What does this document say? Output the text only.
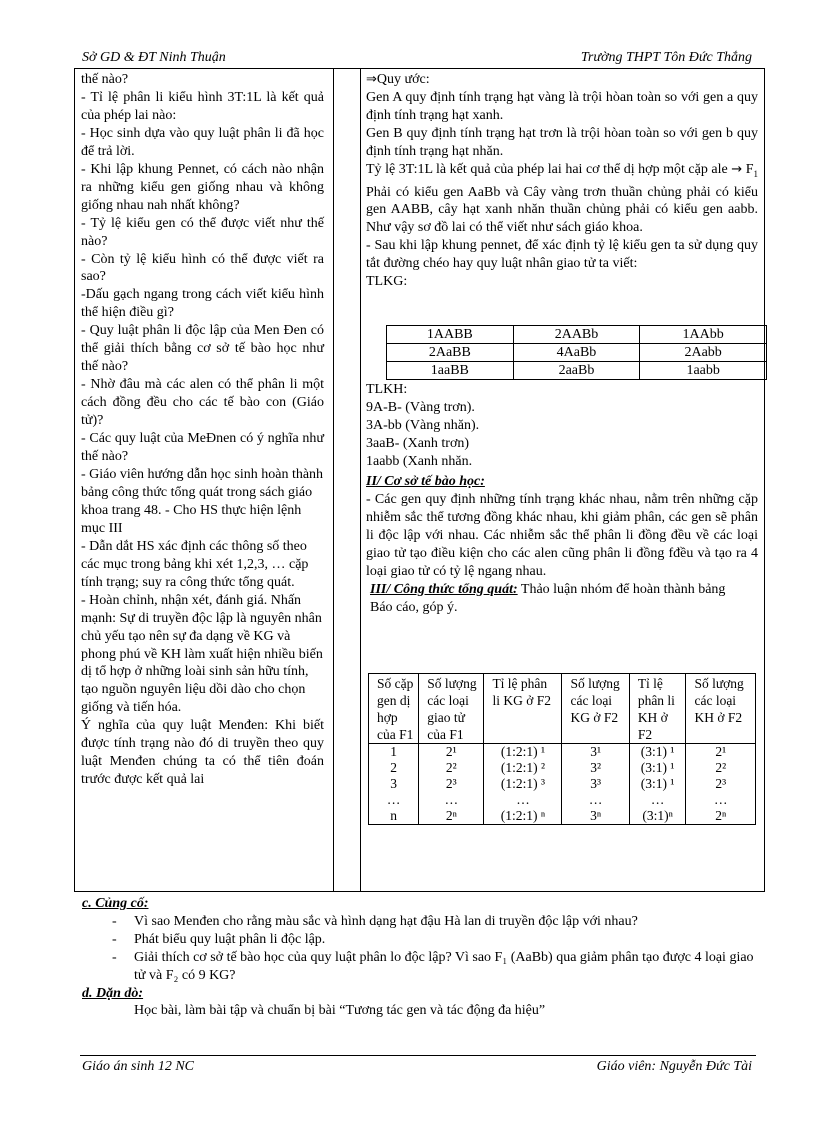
Sở GD & ĐT Ninh Thuận	Trường THPT Tôn Đức Thắng

thế nào?

- Tỉ lệ phân li kiểu hình 3T:1L là kết quả của phép lai nào:

- Học sinh dựa vào quy luật phân li đã học để trả lời.

- Khi lập khung Pennet, có cách nào nhận ra những kiểu gen giống nhau và không giống nhau nah nhất không?

- Tỷ lệ kiểu gen có thể được viết như thế nào?

- Còn tỷ lệ kiểu hình có thể được viết ra sao?

-Dấu gạch ngang trong cách viết kiểu hình thể hiện điều gì?

- Quy luật phân li độc lập của Men Đen có thể giải thích bằng cơ sở tế bào học như thế nào?

- Nhờ đâu mà các alen có thể phân li một cách đồng đều cho các tế bào con (Giáo tử)?

- Các quy luật của MeĐnen có ý nghĩa như thế nào?

- Giáo viên hướng dẫn học sinh hoàn thành bảng công thức tổng quát trong sách giáo khoa trang 48. - Cho HS thực hiện lệnh mục III

- Dẫn dắt HS xác định các thông số theo các mục trong bảng khi xét 1,2,3, … cặp tính trạng; suy ra công thức tổng quát.

- Hoàn chỉnh, nhận xét, đánh giá. Nhấn mạnh: Sự di truyền độc lập là nguyên nhân chủ yếu tạo nên sự đa dạng về KG và phong phú về KH làm xuất hiện nhiều biến dị tổ hợp ở những loài sinh sản hữu tính, tạo nguồn nguyên liệu dồi dào cho chọn giống và tiến hóa.

Ý nghĩa của quy luật Menđen: Khi biết được tính trạng nào đó di truyền theo quy luật Menđen chúng ta có thể tiên đoán trước được kết quả lai

⇒Quy ước:

Gen A quy định tính trạng hạt vàng là trội hòan toàn so với gen a quy định tính trạng hạt xanh.

Gen B quy định tính trạng hạt trơn là trội hòan toàn so với gen b quy định tính trạng hạt nhăn.

Tỷ lệ 3T:1L là kết quả của phép lai hai cơ thể dị hợp một cặp ale → $F_1$ Phải có kiểu gen AaBb và Cây vàng trơn thuần chủng phải có kiểu gen AABB, cây hạt xanh nhăn thuần chủng phải có kiểu gen aabb. Như vậy sơ đồ lai có thể viết như sách giáo khoa.

- Sau khi lập khung pennet, để xác định tỷ lệ kiểu gen ta sử dụng quy tắt đường chéo hay quy luật nhân giao tử ta viết:

TLKG:

1AABB	2AABb	1AAbb
2AaBB	4AaBb	2Aabb
1aaBB	2aaBb	1aabb

TLKH:

9A-B- (Vàng trơn).

3A-bb (Vàng nhăn).

3aaB- (Xanh trơn)

1aabb (Xanh nhăn.

II/ Cơ sở tế bào học:

- Các gen quy định những tính trạng khác nhau, nằm trên những cặp nhiễm sắc thể tương đồng khác nhau, khi giảm phân, các gen sẽ phân li độc lập với nhau. Các nhiễm sắc thể phân li đồng đều về các loại giao tử tạo điều kiện cho các alen cũng phân li đồng fđều và tạo ra 4 loại giao tử có tỷ lệ ngang nhau.

III/ Công thức tổng quát: Thảo luận nhóm để hoàn thành bảng

Báo cáo, góp ý.

Số cặp gen dị hợp của F1	Số lượng các loại giao tử của F1	Tỉ lệ phân li KG ở F2	Số lượng các loại KG ở F2	Tỉ lệ phân li KH ở F2	Số lượng các loại KH ở F2
1	2¹	(1:2:1) ¹	3¹	(3:1) ¹	2¹
2	2²	(1:2:1) ²	3²	(3:1) ¹	2²
3	2³	(1:2:1) ³	3³	(3:1) ¹	2³
…	…	…	…	…	…
n	2ⁿ	(1:2:1) ⁿ	3ⁿ	(3:1)ⁿ	2ⁿ

c. Củng cố:

- Vì sao Menđen cho rằng màu sắc và hình dạng hạt đậu Hà lan di truyền độc lập với nhau?
- Phát biểu quy luật phân li độc lập.
- Giải thích cơ sở tế bào học của quy luật phân lo độc lập? Vì sao F₁ (AaBb) qua giảm phân tạo được 4 loại giao tử và F₂ có 9 KG?

d. Dặn dò:

Học bài, làm bài tập và chuẩn bị bài “Tương tác gen và tác động đa hiệu”

Giáo án sinh 12 NC	Giáo viên: Nguyễn Đức Tài
